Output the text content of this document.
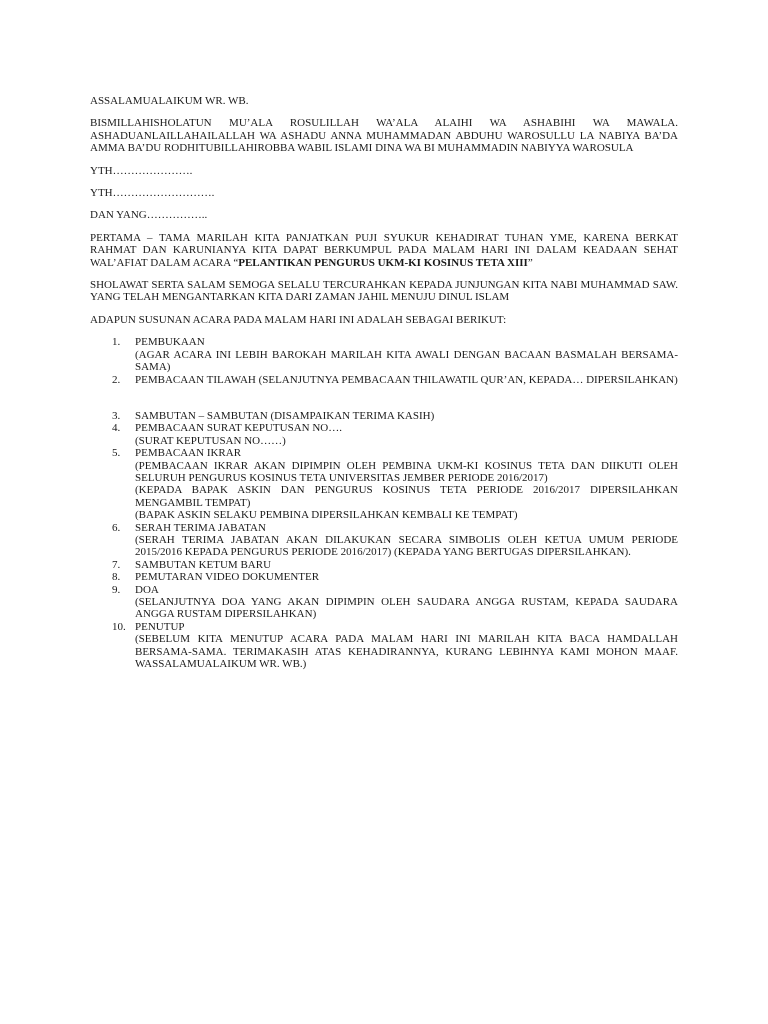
ASSALAMUALAIKUM WR. WB.

BISMILLAHISHOLATUN MU’ALA ROSULILLAH WA’ALA ALAIHI WA ASHABIHI WA MAWALA. ASHADUANLAILLAHAILALLAH WA ASHADU ANNA MUHAMMADAN ABDUHU WAROSULLU LA NABIYA BA’DA AMMA BA’DU RODHITUBILLAHIROBBA WABIL ISLAMI DINA WA BI MUHAMMADIN NABIYYA WAROSULA

YTH………………….

YTH……………………….

DAN YANG……………..

PERTAMA – TAMA MARILAH KITA PANJATKAN PUJI SYUKUR KEHADIRAT TUHAN YME, KARENA BERKAT RAHMAT DAN KARUNIANYA KITA DAPAT BERKUMPUL PADA MALAM HARI INI DALAM KEADAAN SEHAT WAL’AFIAT DALAM ACARA “PELANTIKAN PENGURUS UKM-KI KOSINUS TETA XIII”

SHOLAWAT SERTA SALAM SEMOGA SELALU TERCURAHKAN KEPADA JUNJUNGAN KITA NABI MUHAMMAD SAW. YANG TELAH MENGANTARKAN KITA DARI ZAMAN JAHIL MENUJU DINUL ISLAM

ADAPUN SUSUNAN ACARA PADA MALAM HARI INI ADALAH SEBAGAI BERIKUT:

1. PEMBUKAAN
(AGAR ACARA INI LEBIH BAROKAH MARILAH KITA AWALI DENGAN BACAAN BASMALAH BERSAMA-SAMA)
2. PEMBACAAN TILAWAH (SELANJUTNYA PEMBACAAN THILAWATIL QUR’AN, KEPADA… DIPERSILAHKAN)
3. SAMBUTAN – SAMBUTAN (DISAMPAIKAN TERIMA KASIH)
4. PEMBACAAN SURAT KEPUTUSAN NO….
(SURAT KEPUTUSAN NO……)
5. PEMBACAAN IKRAR
(PEMBACAAN IKRAR AKAN DIPIMPIN OLEH PEMBINA UKM-KI KOSINUS TETA DAN DIIKUTI OLEH SELURUH PENGURUS KOSINUS TETA UNIVERSITAS JEMBER PERIODE 2016/2017)
(KEPADA BAPAK ASKIN DAN PENGURUS KOSINUS TETA PERIODE 2016/2017 DIPERSILAHKAN MENGAMBIL TEMPAT)
(BAPAK ASKIN SELAKU PEMBINA DIPERSILAHKAN KEMBALI KE TEMPAT)
6. SERAH TERIMA JABATAN
(SERAH TERIMA JABATAN AKAN DILAKUKAN SECARA SIMBOLIS OLEH KETUA UMUM PERIODE 2015/2016 KEPADA PENGURUS PERIODE 2016/2017) (KEPADA YANG BERTUGAS DIPERSILAHKAN).
7. SAMBUTAN KETUM BARU
8. PEMUTARAN VIDEO DOKUMENTER
9. DOA
(SELANJUTNYA DOA YANG AKAN DIPIMPIN OLEH SAUDARA ANGGA RUSTAM, KEPADA SAUDARA ANGGA RUSTAM DIPERSILAHKAN)
10. PENUTUP
(SEBELUM KITA MENUTUP ACARA PADA MALAM HARI INI MARILAH KITA BACA HAMDALLAH BERSAMA-SAMA. TERIMAKASIH ATAS KEHADIRANNYA, KURANG LEBIHNYA KAMI MOHON MAAF. WASSALAMUALAIKUM WR. WB.)
